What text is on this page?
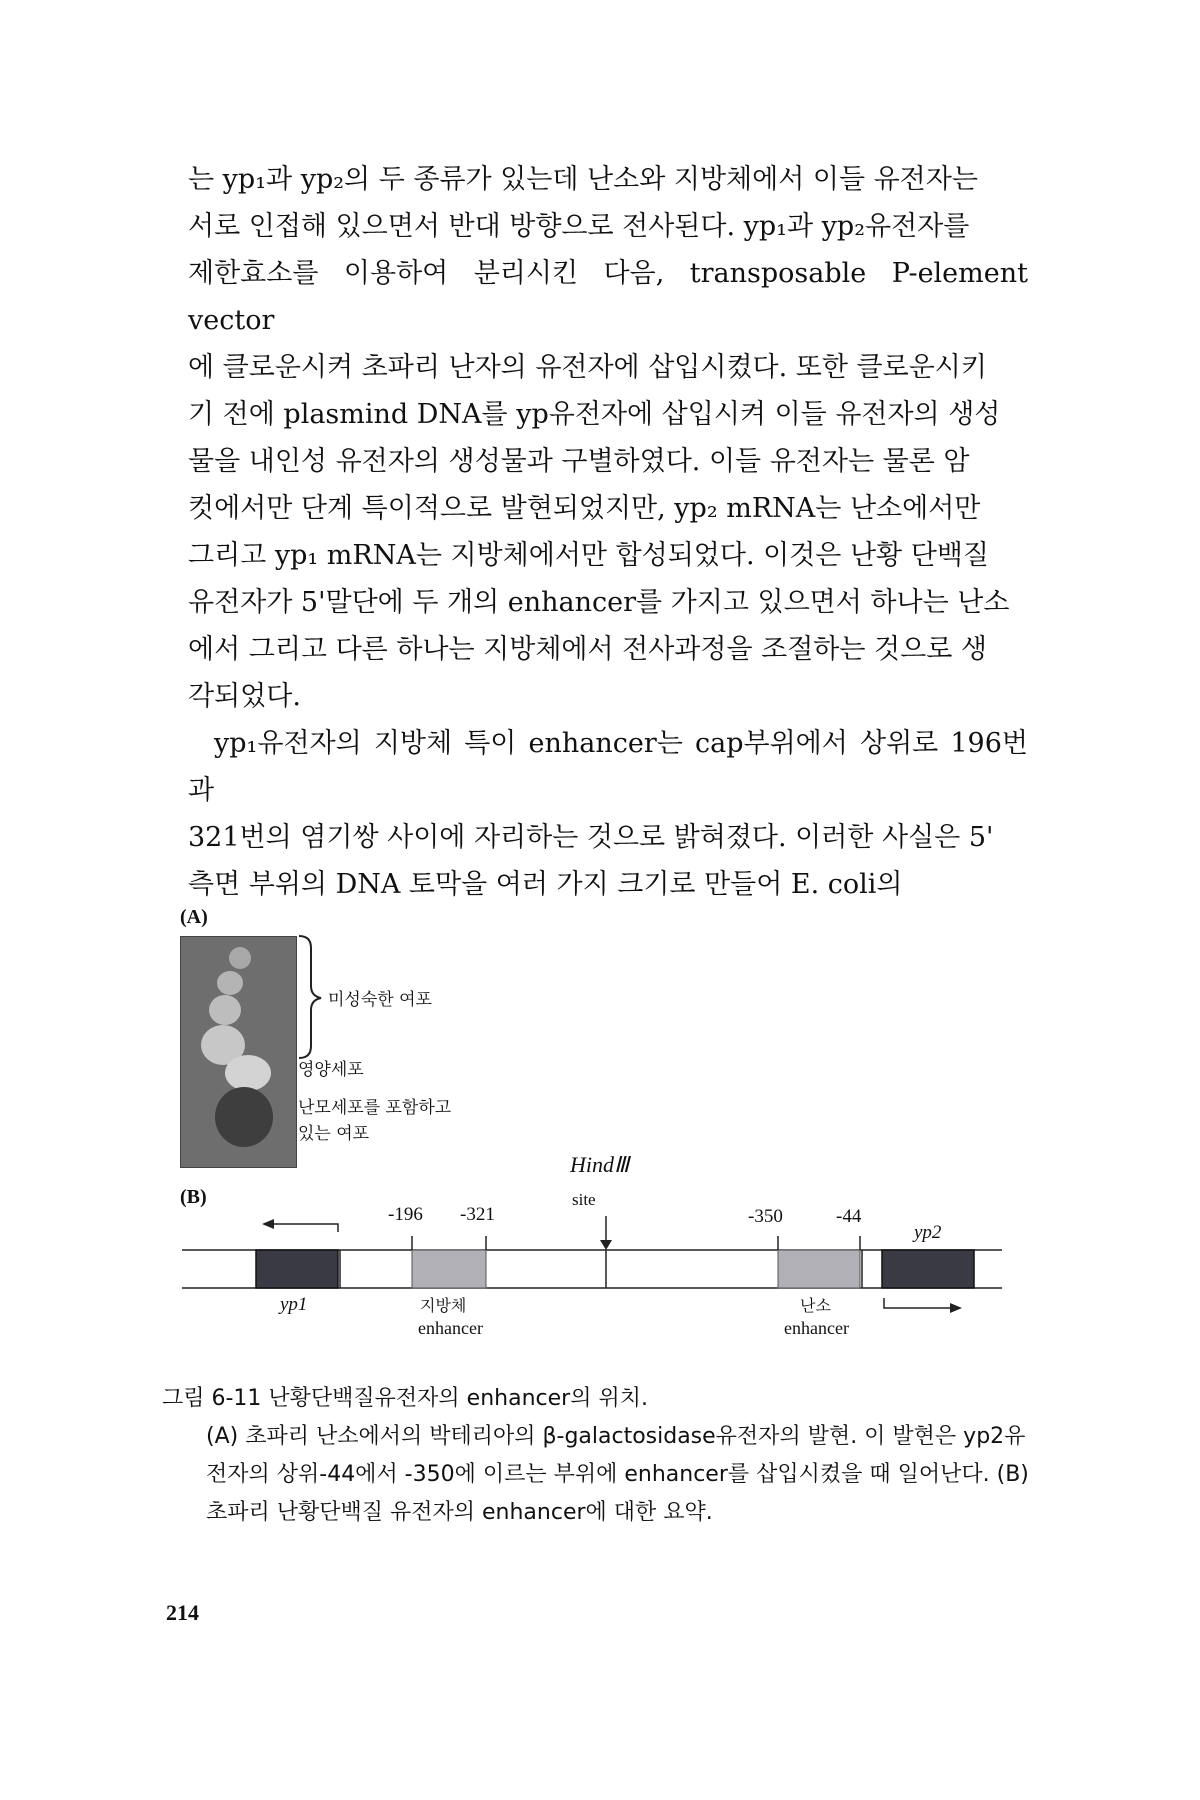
는 yp₁과 yp₂의 두 종류가 있는데 난소와 지방체에서 이들 유전자는
서로 인접해 있으면서 반대 방향으로 전사된다. yp₁과 yp₂유전자를
제한효소를 이용하여 분리시킨 다음, transposable P-element vector
에 클로운시켜 초파리 난자의 유전자에 삽입시켰다. 또한 클로운시키
기 전에 plasmind DNA를 yp유전자에 삽입시켜 이들 유전자의 생성
물을 내인성 유전자의 생성물과 구별하였다. 이들 유전자는 물론 암
컷에서만 단계 특이적으로 발현되었지만, yp₂ mRNA는 난소에서만
그리고 yp₁ mRNA는 지방체에서만 합성되었다. 이것은 난황 단백질
유전자가 5'말단에 두 개의 enhancer를 가지고 있으면서 하나는 난소
에서 그리고 다른 하나는 지방체에서 전사과정을 조절하는 것으로 생
각되었다.

yp₁유전자의 지방체 특이 enhancer는 cap부위에서 상위로 196번과
321번의 염기쌍 사이에 자리하는 것으로 밝혀졌다. 이러한 사실은 5'
측면 부위의 DNA 토막을 여러 가지 크기로 만들어 E. coli의

(A)
미성숙한 여포
영양세포
난모세포를 포함하고
있는 여포
(B)
HindⅢ
site
-196 -321	-350	-44
yp2
yp1	지방체
enhancer
난소
enhancer
그림 6-11 난황단백질유전자의 enhancer의 위치.
(A) 초파리 난소에서의 박테리아의 β-galactosidase유전자의 발현. 이 발현은 yp2유전자의 상위-44에서 -350에 이르는 부위에 enhancer를 삽입시켰을 때 일어난다. (B) 초파리 난황단백질 유전자의 enhancer에 대한 요약.
214
